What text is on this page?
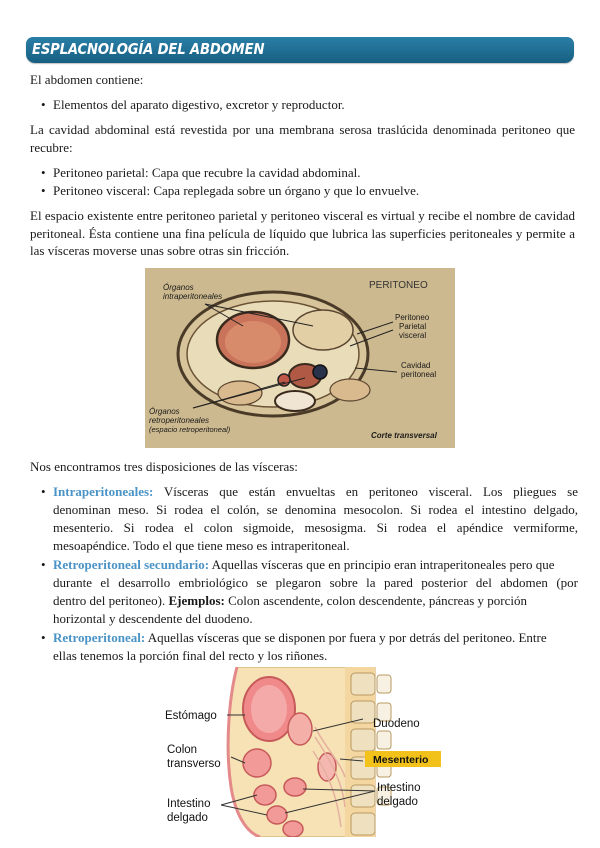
ESPLACNOLOGÍA DEL ABDOMEN
El abdomen contiene:
• Elementos del aparato digestivo, excretor y reproductor.
La cavidad abdominal está revestida por una membrana serosa traslúcida denominada peritoneo que recubre:
• Peritoneo parietal: Capa que recubre la cavidad abdominal.
• Peritoneo visceral: Capa replegada sobre un órgano y que lo envuelve.
El espacio existente entre peritoneo parietal y peritoneo visceral es virtual y recibe el nombre de cavidad peritoneal. Ésta contiene una fina película de líquido que lubrica las superficies peritoneales y permite a las vísceras moverse unas sobre otras sin fricción.
Órganos
intraperitoneales
PERITONEO
Peritoneo
Parietal
visceral
Cavidad
peritoneal
Órganos
retroperitoneales
(espacio retroperitoneal)
Corte transversal
Nos encontramos tres disposiciones de las vísceras:
• Intraperitoneales: Vísceras que están envueltas en peritoneo visceral. Los pliegues se
denominan meso. Si rodea el colón, se denomina mesocolon. Si rodea el intestino delgado,
mesenterio. Si rodea el colon sigmoide, mesosigma. Si rodea el apéndice vermiforme,
mesoapéndice. Todo el que tiene meso es intraperitoneal.
• Retroperitoneal secundario: Aquellas vísceras que en principio eran intraperitoneales pero que
durante el desarrollo embriológico se plegaron sobre la pared posterior del abdomen (por
dentro del peritoneo). Ejemplos: Colon ascendente, colon descendente, páncreas y porción
horizontal y descendente del duodeno.
• Retroperitoneal: Aquellas vísceras que se disponen por fuera y por detrás del peritoneo. Entre
ellas tenemos la porción final del recto y los riñones.
Estómago
Duodeno
Colon
transverso	Mesenterio
Intestino
delgado
Intestino
delgado
